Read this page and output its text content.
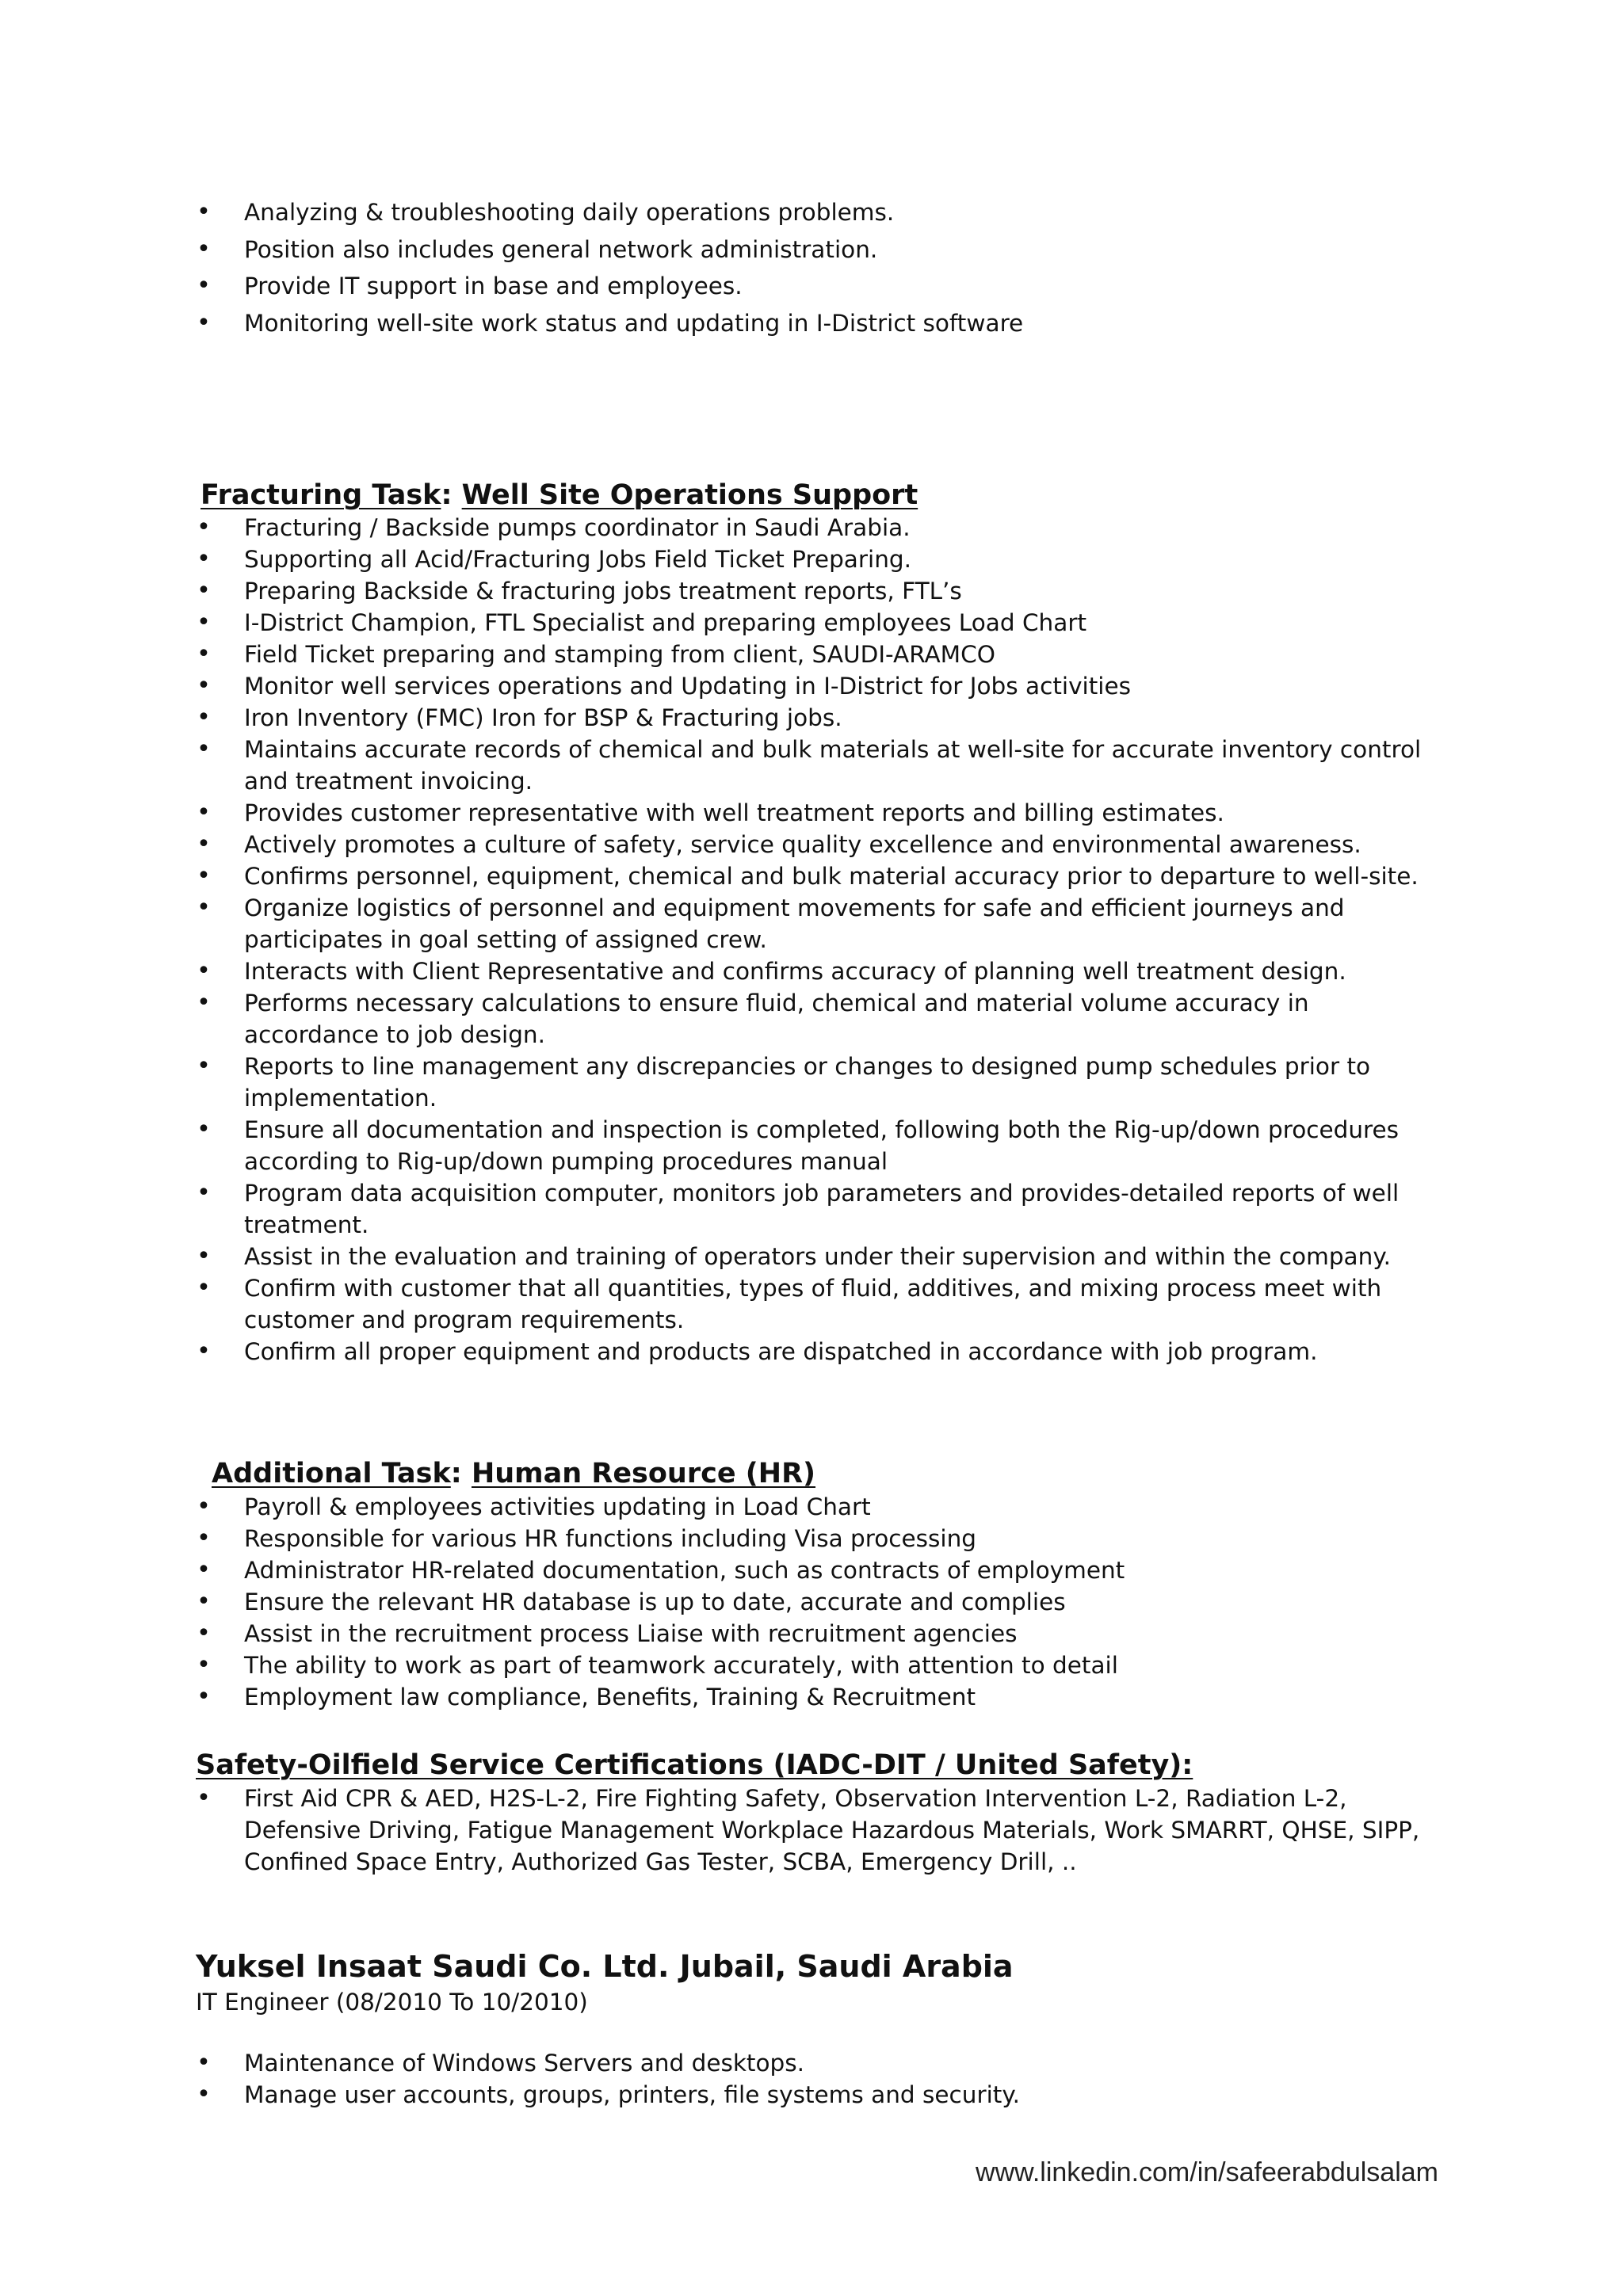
• Analyzing & troubleshooting daily operations problems.
• Position also includes general network administration.
• Provide IT support in base and employees.
• Monitoring well-site work status and updating in I-District software
Fracturing Task: Well Site Operations Support
• Fracturing / Backside pumps coordinator in Saudi Arabia.
• Supporting all Acid/Fracturing Jobs Field Ticket Preparing.
• Preparing Backside & fracturing jobs treatment reports, FTL’s
• I-District Champion, FTL Specialist and preparing employees Load Chart
• Field Ticket preparing and stamping from client, SAUDI-ARAMCO
• Monitor well services operations and Updating in I-District for Jobs activities
• Iron Inventory (FMC) Iron for BSP & Fracturing jobs.
• Maintains accurate records of chemical and bulk materials at well-site for accurate inventory control and treatment invoicing.
• Provides customer representative with well treatment reports and billing estimates.
• Actively promotes a culture of safety, service quality excellence and environmental awareness.
• Confirms personnel, equipment, chemical and bulk material accuracy prior to departure to well-site.
• Organize logistics of personnel and equipment movements for safe and efficient journeys and participates in goal setting of assigned crew.
• Interacts with Client Representative and confirms accuracy of planning well treatment design.
• Performs necessary calculations to ensure fluid, chemical and material volume accuracy in accordance to job design.
• Reports to line management any discrepancies or changes to designed pump schedules prior to implementation.
• Ensure all documentation and inspection is completed, following both the Rig-up/down procedures according to Rig-up/down pumping procedures manual
• Program data acquisition computer, monitors job parameters and provides-detailed reports of well treatment.
• Assist in the evaluation and training of operators under their supervision and within the company.
• Confirm with customer that all quantities, types of fluid, additives, and mixing process meet with customer and program requirements.
• Confirm all proper equipment and products are dispatched in accordance with job program.
Additional Task: Human Resource (HR)
• Payroll & employees activities updating in Load Chart
• Responsible for various HR functions including Visa processing
• Administrator HR-related documentation, such as contracts of employment
• Ensure the relevant HR database is up to date, accurate and complies
• Assist in the recruitment process Liaise with recruitment agencies
• The ability to work as part of teamwork accurately, with attention to detail
• Employment law compliance, Benefits, Training & Recruitment
Safety-Oilfield Service Certifications (IADC-DIT / United Safety):
• First Aid CPR & AED, H2S-L-2, Fire Fighting Safety, Observation Intervention L-2, Radiation L-2, Defensive Driving, Fatigue Management Workplace Hazardous Materials, Work SMARRT, QHSE, SIPP, Confined Space Entry, Authorized Gas Tester, SCBA, Emergency Drill, ..
Yuksel Insaat Saudi Co. Ltd. Jubail, Saudi Arabia
IT Engineer (08/2010 To 10/2010)
• Maintenance of Windows Servers and desktops.
• Manage user accounts, groups, printers, file systems and security.
www.linkedin.com/in/safeerabdulsalam
